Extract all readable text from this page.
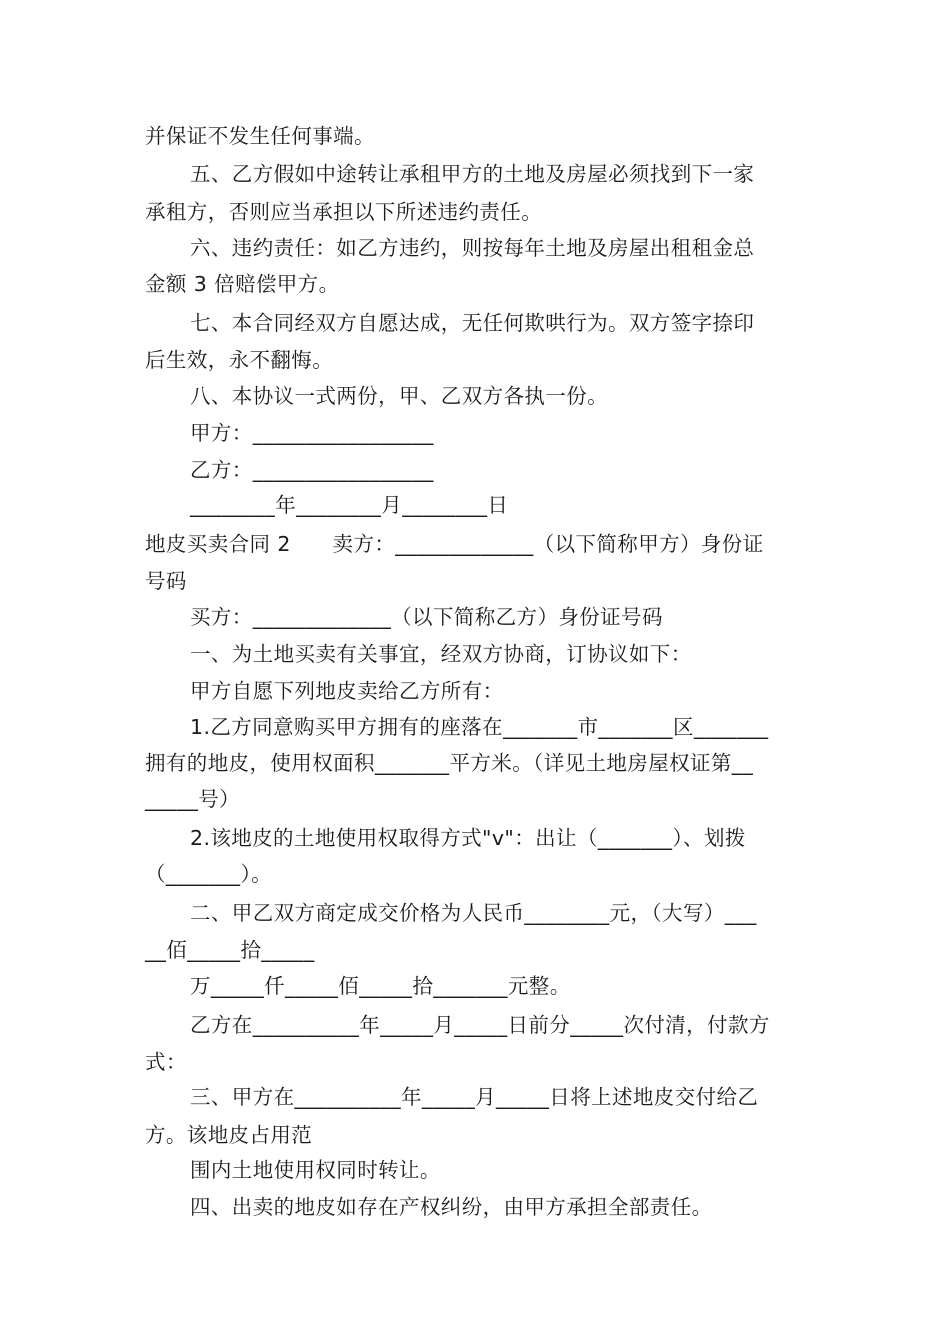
并保证不发生任何事端。
五、乙方假如中途转让承租甲方的土地及房屋必须找到下一家
承租方，否则应当承担以下所述违约责任。
六、违约责任：如乙方违约，则按每年土地及房屋出租租金总
金额 3 倍赔偿甲方。
七、本合同经双方自愿达成，无任何欺哄行为。双方签字捺印
后生效，永不翻悔。
八、本协议一式两份，甲、乙双方各执一份。
甲方：_________________
乙方：_________________
________年________月________日
地皮买卖合同 2　　卖方：_____________（以下简称甲方）身份证
号码
买方：_____________（以下简称乙方）身份证号码
一、为土地买卖有关事宜，经双方协商，订协议如下：
甲方自愿下列地皮卖给乙方所有：
1.乙方同意购买甲方拥有的座落在_______市_______区_______
拥有的地皮，使用权面积_______平方米。（详见土地房屋权证第__
_____号）
2.该地皮的土地使用权取得方式"v"：出让（_______）、划拨
（_______）。
二、甲乙双方商定成交价格为人民币________元，（大写）___
__佰_____拾_____
万_____仟_____佰_____拾_______元整。
乙方在__________年_____月_____日前分_____次付清，付款方
式：
三、甲方在__________年_____月_____日将上述地皮交付给乙
方。该地皮占用范
围内土地使用权同时转让。
四、出卖的地皮如存在产权纠纷，由甲方承担全部责任。
